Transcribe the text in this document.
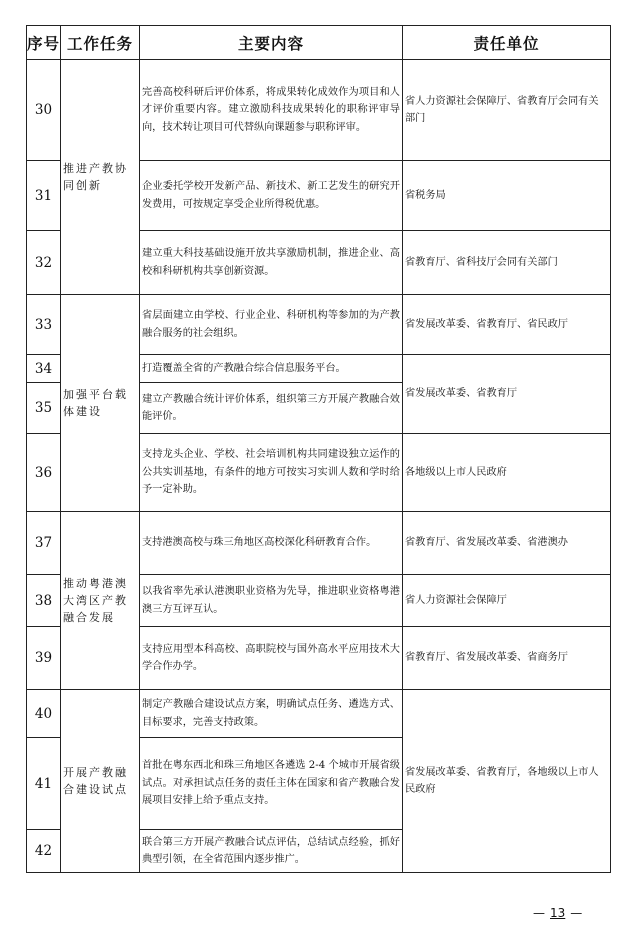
序号	工作任务	主要内容	责任单位
30	推进产教协同创新	完善高校科研后评价体系，将成果转化成效作为项目和人才评价重要内容。建立激励科技成果转化的职称评审导向，技术转让项目可代替纵向课题参与职称评审。	省人力资源社会保障厅、省教育厅会同有关部门
31		企业委托学校开发新产品、新技术、新工艺发生的研究开发费用，可按规定享受企业所得税优惠。	省税务局
32		建立重大科技基础设施开放共享激励机制，推进企业、高校和科研机构共享创新资源。	省教育厅、省科技厅会同有关部门
33	加强平台载体建设	省层面建立由学校、行业企业、科研机构等参加的为产教融合服务的社会组织。	省发展改革委、省教育厅、省民政厅
34		打造覆盖全省的产教融合综合信息服务平台。	省发展改革委、省教育厅
35		建立产教融合统计评价体系，组织第三方开展产教融合效能评价。	
36		支持龙头企业、学校、社会培训机构共同建设独立运作的公共实训基地，有条件的地方可按实习实训人数和学时给予一定补助。	各地级以上市人民政府
37	推动粤港澳大湾区产教融合发展	支持港澳高校与珠三角地区高校深化科研教育合作。	省教育厅、省发展改革委、省港澳办
38		以我省率先承认港澳职业资格为先导，推进职业资格粤港澳三方互评互认。	省人力资源社会保障厅
39		支持应用型本科高校、高职院校与国外高水平应用技术大学合作办学。	省教育厅、省发展改革委、省商务厅
40	开展产教融合建设试点	制定产教融合建设试点方案，明确试点任务、遴选方式、目标要求，完善支持政策。	省发展改革委、省教育厅，各地级以上市人民政府
41		首批在粤东西北和珠三角地区各遴选 2-4 个城市开展省级试点。对承担试点任务的责任主体在国家和省产教融合发展项目安排上给予重点支持。	
42		联合第三方开展产教融合试点评估，总结试点经验，抓好典型引领，在全省范围内逐步推广。	
— 13 —
